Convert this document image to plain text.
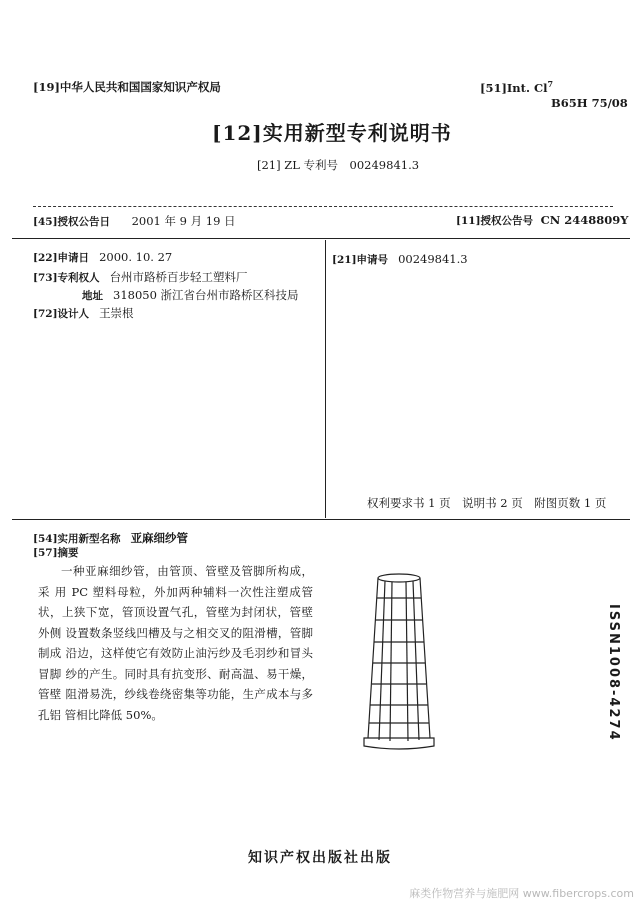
[19]中华人民共和国国家知识产权局	[51]Int. Cl$^7$
B65H 75/08
[12]实用新型专利说明书
[21] ZL 专利号　00249841.3
[45]授权公告日 2001 年 9 月 19 日	[11]授权公告号 CN 2448809Y
[22]申请日 2000. 10. 27
[73]专利权人 台州市路桥百步轻工塑料厂
地址 318050 浙江省台州市路桥区科技局
[72]设计人 王崇根
[21]申请号 00249841.3
权利要求书 1 页　说明书 2 页　附图页数 1 页
[54]实用新型名称 亚麻细纱管
[57]摘要
一种亚麻细纱管，由管顶、管壁及管脚所构成，采 用 PC 塑料母粒，外加两种辅料一次性注塑成管状，上狭下宽，管顶设置气孔，管壁为封闭状，管壁外侧 设置数条竖线凹槽及与之相交叉的阻滑槽，管脚制成 沿边，这样使它有效防止油污纱及毛羽纱和冒头冒脚 纱的产生。同时具有抗变形、耐高温、易干燥，管壁 阻滑易洗，纱线卷绕密集等功能，生产成本与多孔铝 管相比降低 50%。	ISSN1008-4274
知识产权出版社出版
麻类作物营养与施肥网 www.fibercrops.com
